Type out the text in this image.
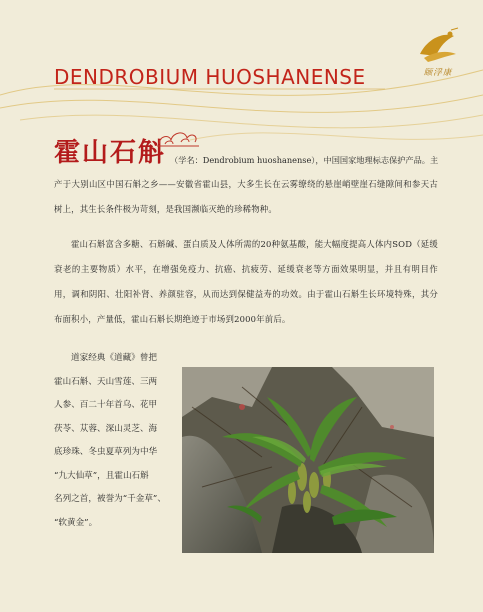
颐浮康
DENDROBIUM HUOSHANENSE
霍山石斛 （学名：Dendrobium huoshanense），中国国家地理标志保护产品。主
产于大别山区中国石斛之乡——安徽省霍山县，大多生长在云雾缭绕的悬崖峭壁崖石缝隙间和参天古树上，其生长条件极为苛刻，是我国濒临灭绝的珍稀物种。
霍山石斛富含多糖、石斛碱、蛋白质及人体所需的20种氨基酸，能大幅度提高人体内SOD（延缓衰老的主要物质）水平，在增强免疫力、抗癌、抗疲劳、延缓衰老等方面效果明显，并且有明目作用，调和阴阳、壮阳补肾、养颜驻容，从而达到保健益寿的功效。由于霍山石斛生长环境特殊，其分布面积小，产量低，霍山石斛长期绝迹于市场到2000年前后。
道家经典《道藏》曾把
霍山石斛、天山雪莲、三两
人参、百二十年首乌、花甲
茯苓、苁蓉、深山灵芝、海
底珍珠、冬虫夏草列为中华
“九大仙草”，且霍山石斛
名列之首，被誉为“千金草”、
“软黄金”。
